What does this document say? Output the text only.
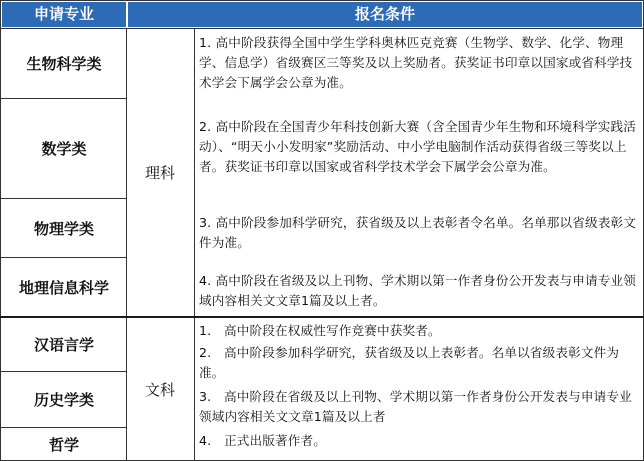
申请专业	报名条件
生物科学类
数学类
物理学类
地理信息科学
汉语言学
历史学类
哲学
理科
文科

1. 高中阶段获得全国中学生学科奥林匹克竞赛（生物学、数学、化学、物理学、信息学）省级赛区三等奖及以上奖励者。获奖证书印章以国家或省科学技术学会下属学会公章为准。

2. 高中阶段在全国青少年科技创新大赛（含全国青少年生物和环境科学实践活动）、“明天小小发明家”奖励活动、中小学电脑制作活动获得省级三等奖以上者。获奖证书印章以国家或省科学技术学会下属学会公章为准。

3. 高中阶段参加科学研究，获省级及以上表彰者令名单。名单那以省级表彰文件为准。

4. 高中阶段在省级及以上刊物、学术期以第一作者身份公开发表与申请专业领域内容相关文文章1篇及以上者。

1.　高中阶段在权威性写作竞赛中获奖者。

2.　高中阶段参加科学研究，获省级及以上表彰者。名单以省级表彰文件为准。

3.　高中阶段在省级及以上刊物、学术期以第一作者身份公开发表与申请专业领域内容相关文文章1篇及以上者

4.　正式出版著作者。
